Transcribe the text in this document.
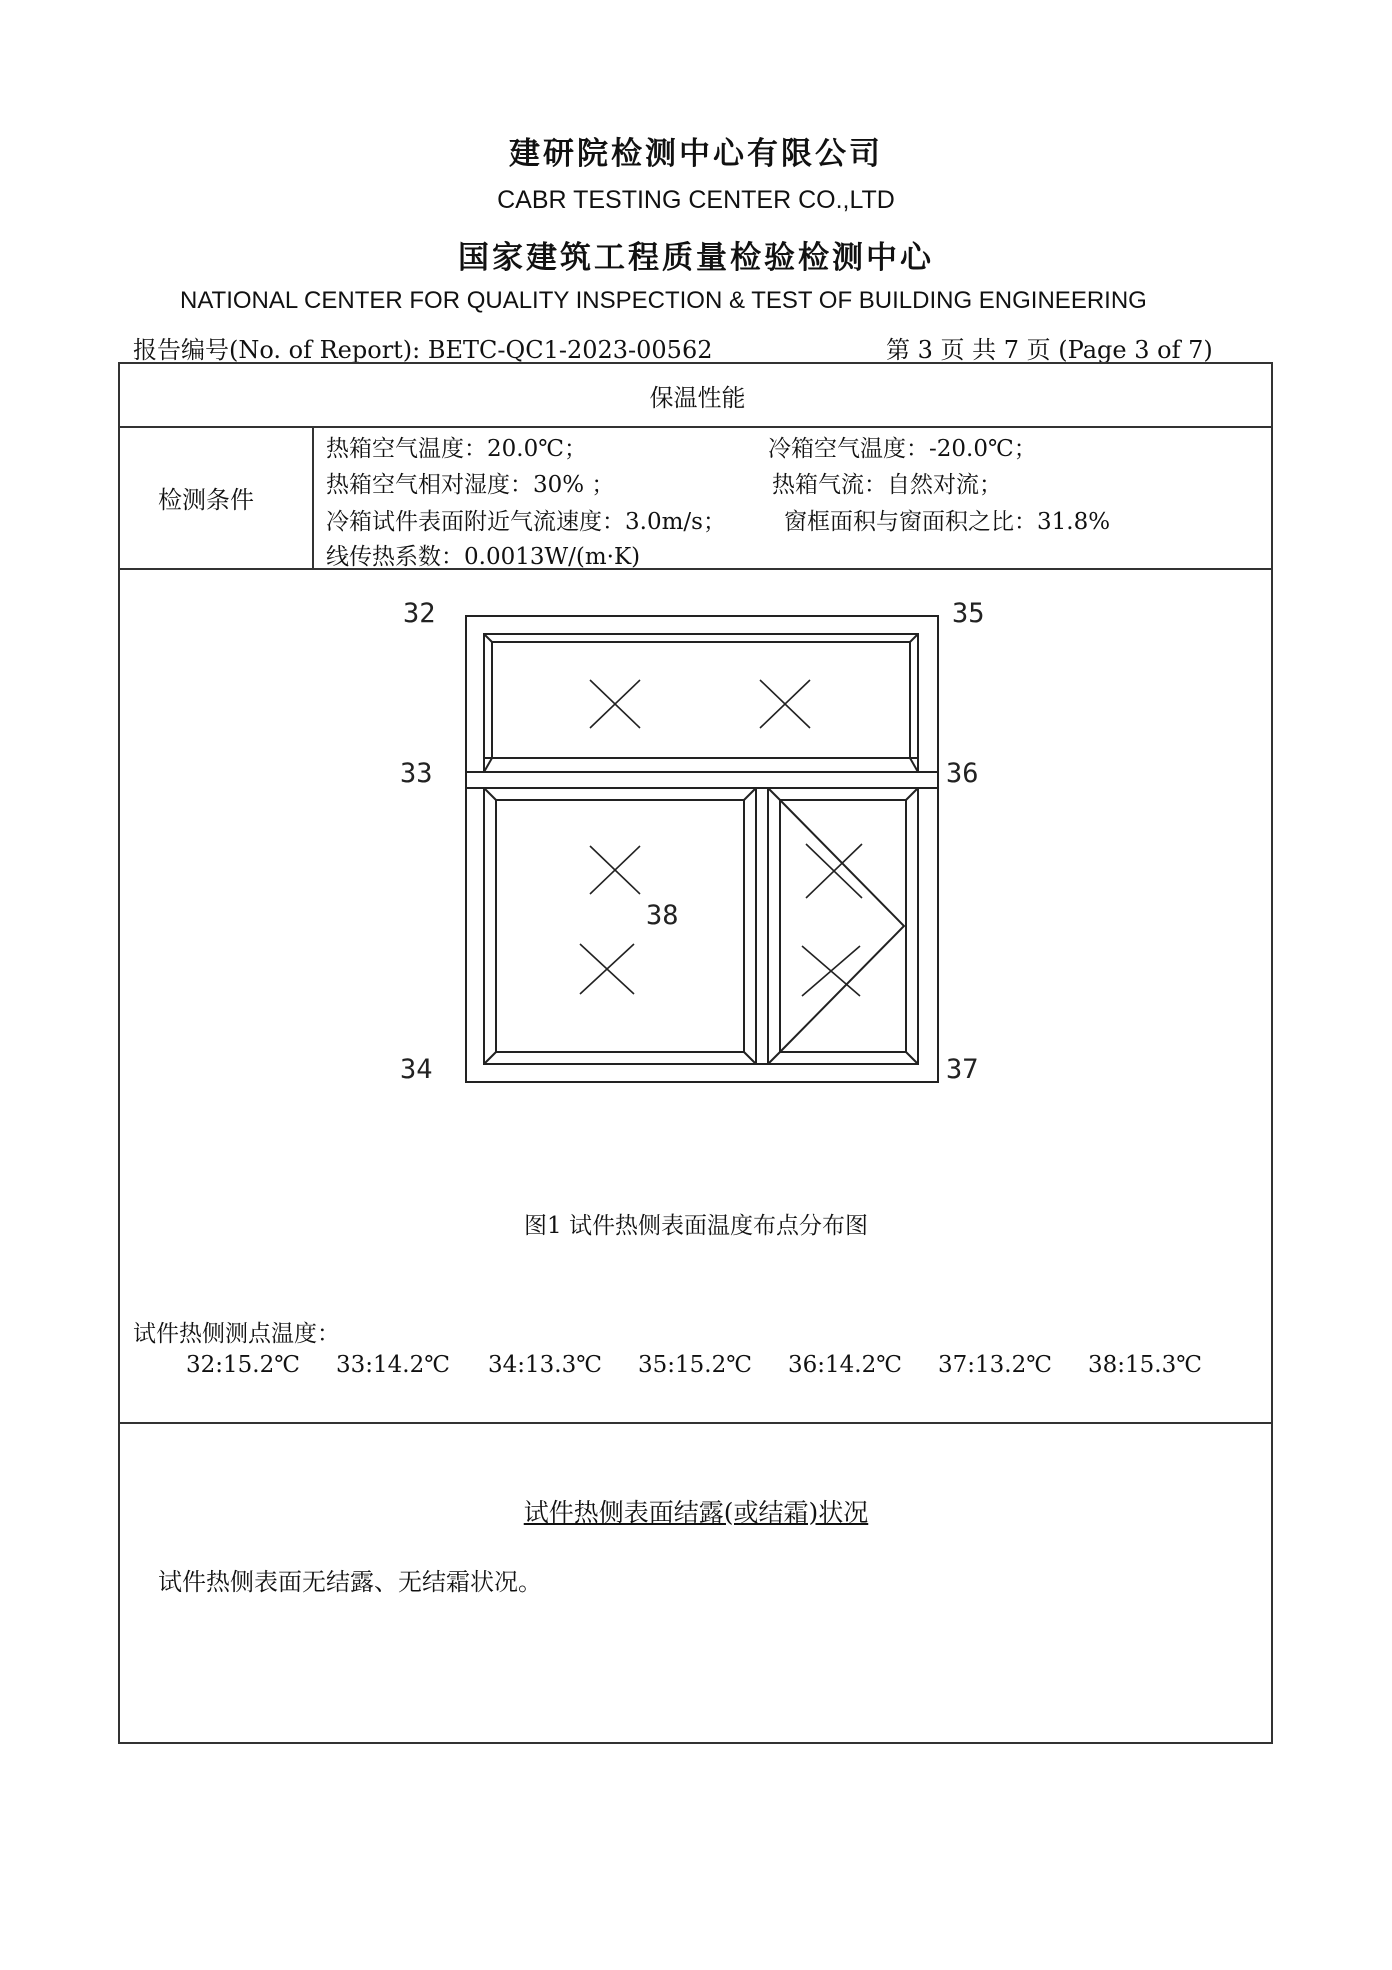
建研院检测中心有限公司
CABR TESTING CENTER CO.,LTD
国家建筑工程质量检验检测中心
NATIONAL CENTER FOR QUALITY INSPECTION & TEST OF BUILDING ENGINEERING
报告编号(No. of Report): BETC-QC1-2023-00562	第 3 页 共 7 页 (Page 3 of 7)
保温性能
检测条件
热箱空气温度：20.0℃；	冷箱空气温度：-20.0℃；
热箱空气相对湿度：30% ；	热箱气流：自然对流；
冷箱试件表面附近气流速度：3.0m/s；	窗框面积与窗面积之比：31.8%
线传热系数：0.0013W/(m·K)
32
33
34
35
36
37
38
图1 试件热侧表面温度布点分布图
试件热侧测点温度：
32:15.2℃ 33:14.2℃ 34:13.3℃ 35:15.2℃ 36:14.2℃ 37:13.2℃ 38:15.3℃
试件热侧表面结露(或结霜)状况
试件热侧表面无结露、无结霜状况。
